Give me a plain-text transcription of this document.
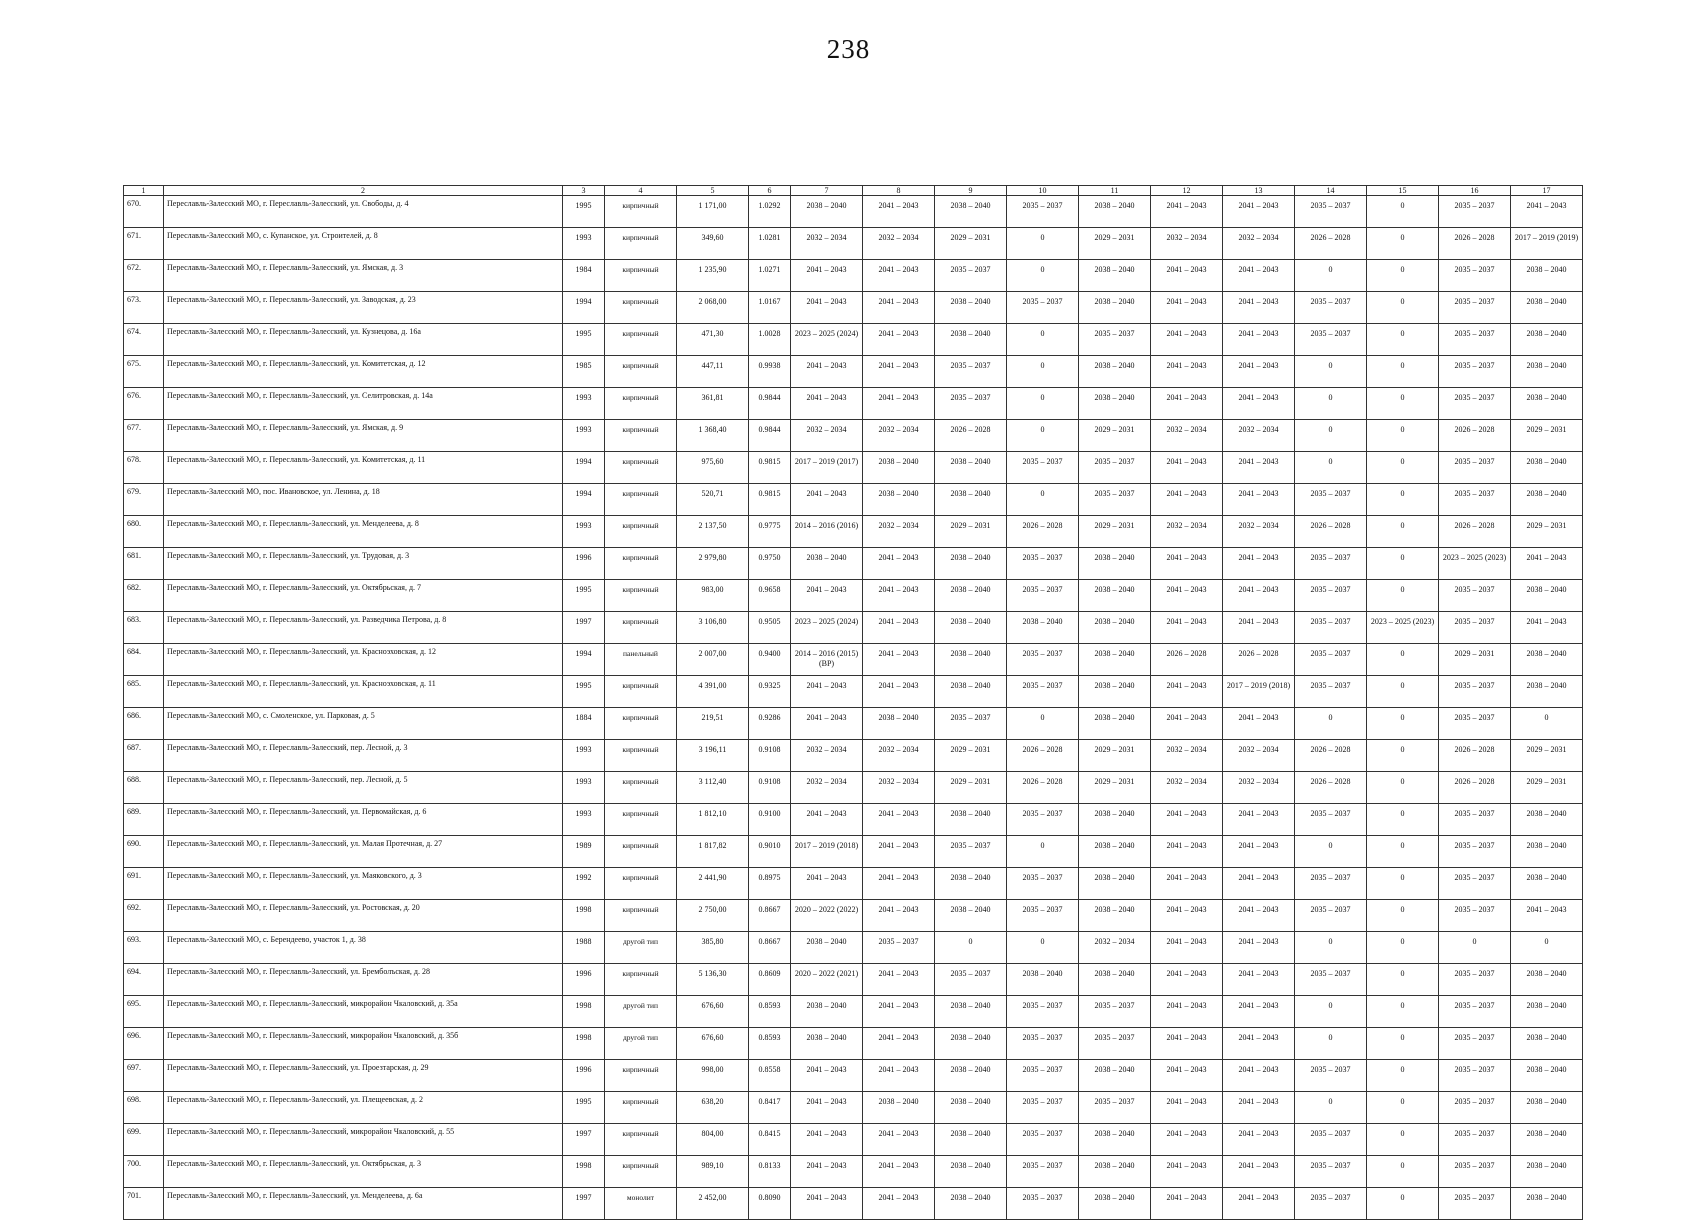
238
1	2	3	4	5	6	7	8	9	10	11	12	13	14	15	16	17
670.	Переславль-Залесский МО, г. Переславль-Залесский, ул. Свободы, д. 4	1995	кирпичный	1 171,00	1.0292	2038 – 2040	2041 – 2043	2038 – 2040	2035 – 2037	2038 – 2040	2041 – 2043	2041 – 2043	2035 – 2037	0	2035 – 2037	2041 – 2043
671.	Переславль-Залесский МО, с. Купанское, ул. Строителей, д. 8	1993	кирпичный	349,60	1.0281	2032 – 2034	2032 – 2034	2029 – 2031	0	2029 – 2031	2032 – 2034	2032 – 2034	2026 – 2028	0	2026 – 2028	2017 – 2019 (2019)
672.	Переславль-Залесский МО, г. Переславль-Залесский, ул. Ямская, д. 3	1984	кирпичный	1 235,90	1.0271	2041 – 2043	2041 – 2043	2035 – 2037	0	2038 – 2040	2041 – 2043	2041 – 2043	0	0	2035 – 2037	2038 – 2040
673.	Переславль-Залесский МО, г. Переславль-Залесский, ул. Заводская, д. 23	1994	кирпичный	2 068,00	1.0167	2041 – 2043	2041 – 2043	2038 – 2040	2035 – 2037	2038 – 2040	2041 – 2043	2041 – 2043	2035 – 2037	0	2035 – 2037	2038 – 2040
674.	Переславль-Залесский МО, г. Переславль-Залесский, ул. Кузнецова, д. 16а	1995	кирпичный	471,30	1.0028	2023 – 2025 (2024)	2041 – 2043	2038 – 2040	0	2035 – 2037	2041 – 2043	2041 – 2043	2035 – 2037	0	2035 – 2037	2038 – 2040
675.	Переславль-Залесский МО, г. Переславль-Залесский, ул. Комитетская, д. 12	1985	кирпичный	447,11	0.9938	2041 – 2043	2041 – 2043	2035 – 2037	0	2038 – 2040	2041 – 2043	2041 – 2043	0	0	2035 – 2037	2038 – 2040
676.	Переславль-Залесский МО, г. Переславль-Залесский, ул. Селитровская, д. 14а	1993	кирпичный	361,81	0.9844	2041 – 2043	2041 – 2043	2035 – 2037	0	2038 – 2040	2041 – 2043	2041 – 2043	0	0	2035 – 2037	2038 – 2040
677.	Переславль-Залесский МО, г. Переславль-Залесский, ул. Ямская, д. 9	1993	кирпичный	1 368,40	0.9844	2032 – 2034	2032 – 2034	2026 – 2028	0	2029 – 2031	2032 – 2034	2032 – 2034	0	0	2026 – 2028	2029 – 2031
678.	Переславль-Залесский МО, г. Переславль-Залесский, ул. Комитетская, д. 11	1994	кирпичный	975,60	0.9815	2017 – 2019 (2017)	2038 – 2040	2038 – 2040	2035 – 2037	2035 – 2037	2041 – 2043	2041 – 2043	0	0	2035 – 2037	2038 – 2040
679.	Переславль-Залесский МО, пос. Ивановское, ул. Ленина, д. 18	1994	кирпичный	520,71	0.9815	2041 – 2043	2038 – 2040	2038 – 2040	0	2035 – 2037	2041 – 2043	2041 – 2043	2035 – 2037	0	2035 – 2037	2038 – 2040
680.	Переславль-Залесский МО, г. Переславль-Залесский, ул. Менделеева, д. 8	1993	кирпичный	2 137,50	0.9775	2014 – 2016 (2016)	2032 – 2034	2029 – 2031	2026 – 2028	2029 – 2031	2032 – 2034	2032 – 2034	2026 – 2028	0	2026 – 2028	2029 – 2031
681.	Переславль-Залесский МО, г. Переславль-Залесский, ул. Трудовая, д. 3	1996	кирпичный	2 979,80	0.9750	2038 – 2040	2041 – 2043	2038 – 2040	2035 – 2037	2038 – 2040	2041 – 2043	2041 – 2043	2035 – 2037	0	2023 – 2025 (2023)	2041 – 2043
682.	Переславль-Залесский МО, г. Переславль-Залесский, ул. Октябрьская, д. 7	1995	кирпичный	983,00	0.9658	2041 – 2043	2041 – 2043	2038 – 2040	2035 – 2037	2038 – 2040	2041 – 2043	2041 – 2043	2035 – 2037	0	2035 – 2037	2038 – 2040
683.	Переславль-Залесский МО, г. Переславль-Залесский, ул. Разведчика Петрова, д. 8	1997	кирпичный	3 106,80	0.9505	2023 – 2025 (2024)	2041 – 2043	2038 – 2040	2038 – 2040	2038 – 2040	2041 – 2043	2041 – 2043	2035 – 2037	2023 – 2025 (2023)	2035 – 2037	2041 – 2043
684.	Переславль-Залесский МО, г. Переславль-Залесский, ул. Красноэховская, д. 12	1994	панельный	2 007,00	0.9400	2014 – 2016 (2015) (ВР)	2041 – 2043	2038 – 2040	2035 – 2037	2038 – 2040	2026 – 2028	2026 – 2028	2035 – 2037	0	2029 – 2031	2038 – 2040
685.	Переславль-Залесский МО, г. Переславль-Залесский, ул. Красноэховская, д. 11	1995	кирпичный	4 391,00	0.9325	2041 – 2043	2041 – 2043	2038 – 2040	2035 – 2037	2038 – 2040	2041 – 2043	2017 – 2019 (2018)	2035 – 2037	0	2035 – 2037	2038 – 2040
686.	Переславль-Залесский МО, с. Смоленское, ул. Парковая, д. 5	1884	кирпичный	219,51	0.9286	2041 – 2043	2038 – 2040	2035 – 2037	0	2038 – 2040	2041 – 2043	2041 – 2043	0	0	2035 – 2037	0
687.	Переславль-Залесский МО, г. Переславль-Залесский, пер. Лесной, д. 3	1993	кирпичный	3 196,11	0.9108	2032 – 2034	2032 – 2034	2029 – 2031	2026 – 2028	2029 – 2031	2032 – 2034	2032 – 2034	2026 – 2028	0	2026 – 2028	2029 – 2031
688.	Переславль-Залесский МО, г. Переславль-Залесский, пер. Лесной, д. 5	1993	кирпичный	3 112,40	0.9108	2032 – 2034	2032 – 2034	2029 – 2031	2026 – 2028	2029 – 2031	2032 – 2034	2032 – 2034	2026 – 2028	0	2026 – 2028	2029 – 2031
689.	Переславль-Залесский МО, г. Переславль-Залесский, ул. Первомайская, д. 6	1993	кирпичный	1 812,10	0.9100	2041 – 2043	2041 – 2043	2038 – 2040	2035 – 2037	2038 – 2040	2041 – 2043	2041 – 2043	2035 – 2037	0	2035 – 2037	2038 – 2040
690.	Переславль-Залесский МО, г. Переславль-Залесский, ул. Малая Протечная, д. 27	1989	кирпичный	1 817,82	0.9010	2017 – 2019 (2018)	2041 – 2043	2035 – 2037	0	2038 – 2040	2041 – 2043	2041 – 2043	0	0	2035 – 2037	2038 – 2040
691.	Переславль-Залесский МО, г. Переславль-Залесский, ул. Маяковского, д. 3	1992	кирпичный	2 441,90	0.8975	2041 – 2043	2041 – 2043	2038 – 2040	2035 – 2037	2038 – 2040	2041 – 2043	2041 – 2043	2035 – 2037	0	2035 – 2037	2038 – 2040
692.	Переславль-Залесский МО, г. Переславль-Залесский, ул. Ростовская, д. 20	1998	кирпичный	2 750,00	0.8667	2020 – 2022 (2022)	2041 – 2043	2038 – 2040	2035 – 2037	2038 – 2040	2041 – 2043	2041 – 2043	2035 – 2037	0	2035 – 2037	2041 – 2043
693.	Переславль-Залесский МО, с. Берендеево, участок 1, д. 38	1988	другой тип	385,80	0.8667	2038 – 2040	2035 – 2037	0	0	2032 – 2034	2041 – 2043	2041 – 2043	0	0	0	0
694.	Переславль-Залесский МО, г. Переславль-Залесский, ул. Бремболъская, д. 28	1996	кирпичный	5 136,30	0.8609	2020 – 2022 (2021)	2041 – 2043	2035 – 2037	2038 – 2040	2038 – 2040	2041 – 2043	2041 – 2043	2035 – 2037	0	2035 – 2037	2038 – 2040
695.	Переславль-Залесский МО, г. Переславль-Залесский, микрорайон Чкаловский, д. 35а	1998	другой тип	676,60	0.8593	2038 – 2040	2041 – 2043	2038 – 2040	2035 – 2037	2035 – 2037	2041 – 2043	2041 – 2043	0	0	2035 – 2037	2038 – 2040
696.	Переславль-Залесский МО, г. Переславль-Залесский, микрорайон Чкаловский, д. 35б	1998	другой тип	676,60	0.8593	2038 – 2040	2041 – 2043	2038 – 2040	2035 – 2037	2035 – 2037	2041 – 2043	2041 – 2043	0	0	2035 – 2037	2038 – 2040
697.	Переславль-Залесский МО, г. Переславль-Залесский, ул. Проезтарская, д. 29	1996	кирпичный	998,00	0.8558	2041 – 2043	2041 – 2043	2038 – 2040	2035 – 2037	2038 – 2040	2041 – 2043	2041 – 2043	2035 – 2037	0	2035 – 2037	2038 – 2040
698.	Переславль-Залесский МО, г. Переславль-Залесский, ул. Плещеевская, д. 2	1995	кирпичный	638,20	0.8417	2041 – 2043	2038 – 2040	2038 – 2040	2035 – 2037	2035 – 2037	2041 – 2043	2041 – 2043	0	0	2035 – 2037	2038 – 2040
699.	Переславль-Залесский МО, г. Переславль-Залесский, микрорайон Чкаловский, д. 55	1997	кирпичный	804,00	0.8415	2041 – 2043	2041 – 2043	2038 – 2040	2035 – 2037	2038 – 2040	2041 – 2043	2041 – 2043	2035 – 2037	0	2035 – 2037	2038 – 2040
700.	Переславль-Залесский МО, г. Переславль-Залесский, ул. Октябрьская, д. 3	1998	кирпичный	989,10	0.8133	2041 – 2043	2041 – 2043	2038 – 2040	2035 – 2037	2038 – 2040	2041 – 2043	2041 – 2043	2035 – 2037	0	2035 – 2037	2038 – 2040
701.	Переславль-Залесский МО, г. Переславль-Залесский, ул. Менделеева, д. 6а	1997	монолит	2 452,00	0.8090	2041 – 2043	2041 – 2043	2038 – 2040	2035 – 2037	2038 – 2040	2041 – 2043	2041 – 2043	2035 – 2037	0	2035 – 2037	2038 – 2040
